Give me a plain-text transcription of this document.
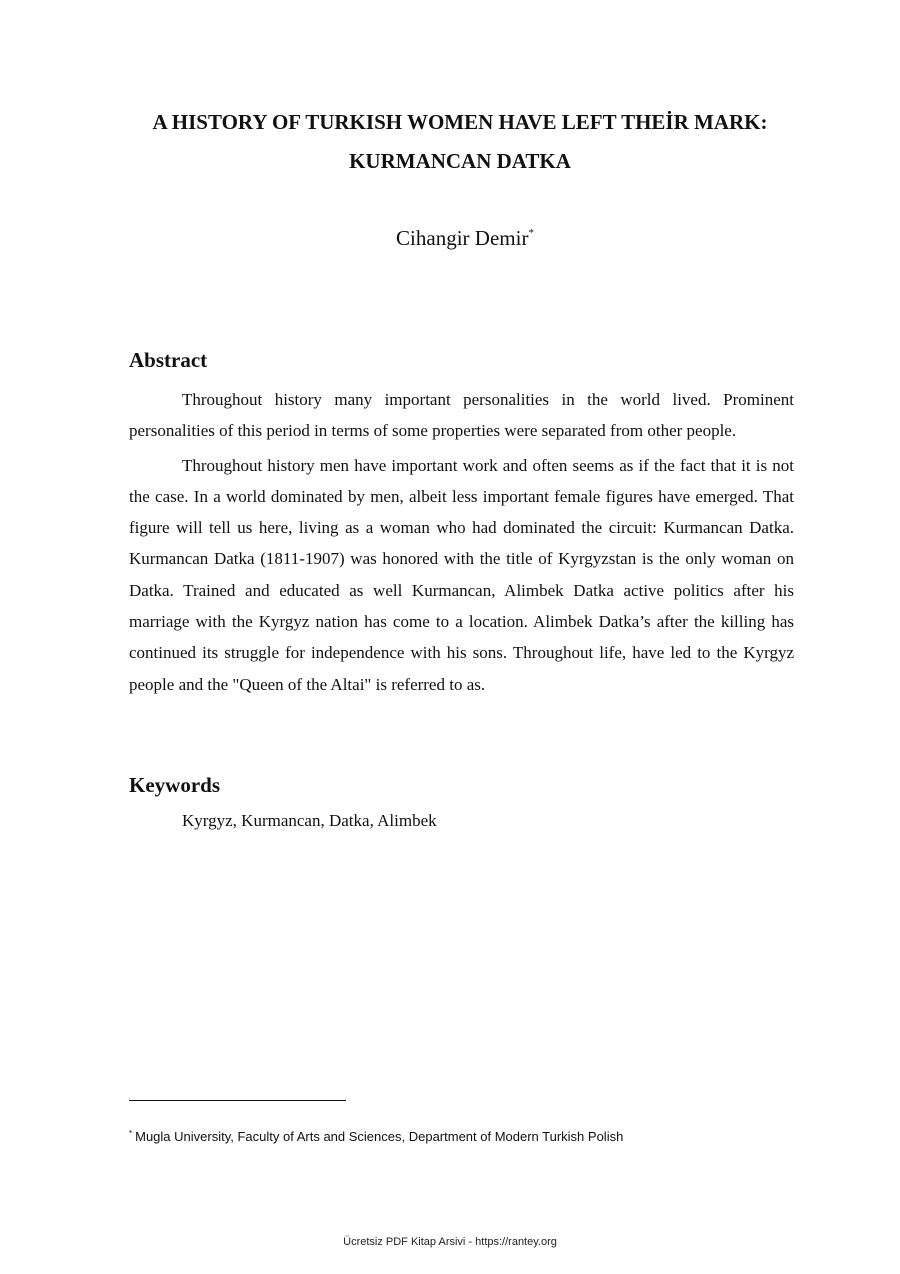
A HISTORY OF TURKISH WOMEN HAVE LEFT THEİR MARK:
KURMANCAN DATKA
Cihangir Demir*
Abstract

Throughout history many important personalities in the world lived. Prominent personalities of this period in terms of some properties were separated from other people.

Throughout history men have important work and often seems as if the fact that it is not the case. In a world dominated by men, albeit less important female figures have emerged. That figure will tell us here, living as a woman who had dominated the circuit: Kurmancan Datka. Kurmancan Datka (1811-1907) was honored with the title of Kyrgyzstan is the only woman on Datka. Trained and educated as well Kurmancan, Alimbek Datka active politics after his marriage with the Kyrgyz nation has come to a location. Alimbek Datka’s after the killing has continued its struggle for independence with his sons. Throughout life, have led to the Kyrgyz people and the "Queen of the Altai" is referred to as.

Keywords
Kyrgyz, Kurmancan, Datka, Alimbek
* Mugla University, Faculty of Arts and Sciences, Department of Modern Turkish Polish
Ücretsiz PDF Kitap Arsivi - https://rantey.org
